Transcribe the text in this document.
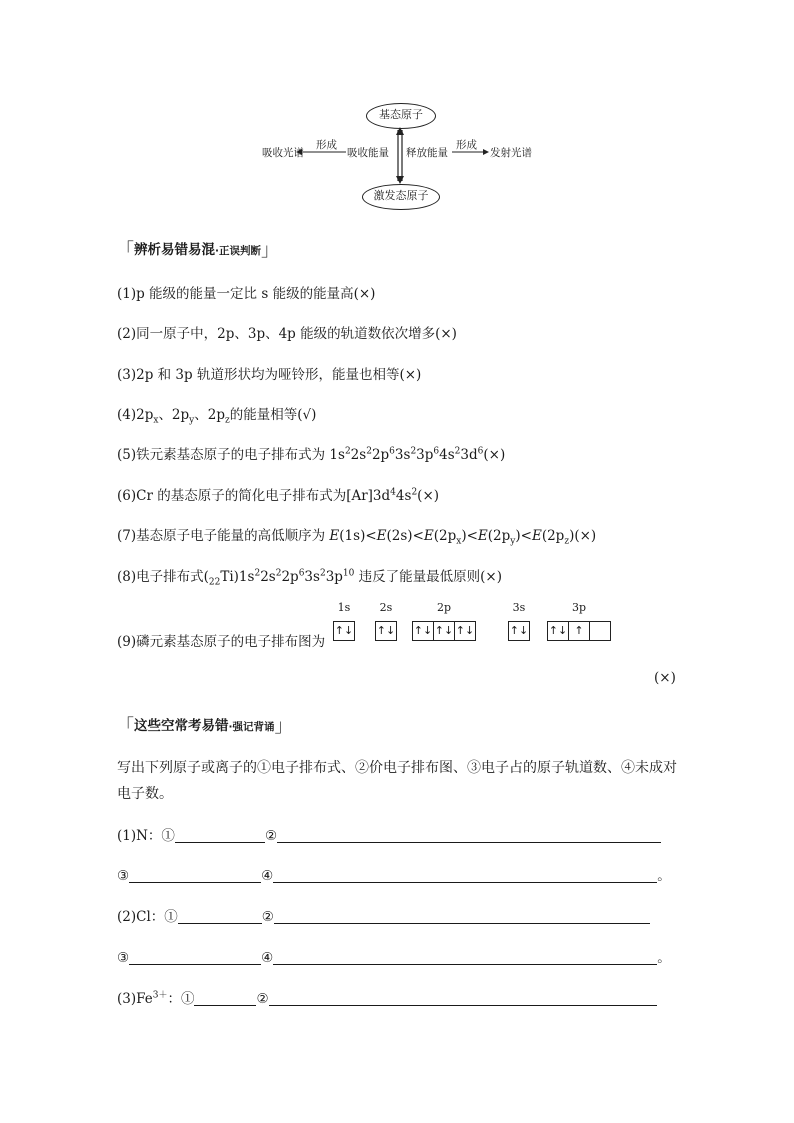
基态原子
激发态原子
吸收光谱
形成
吸收能量 释放能量
形成
发射光谱
「辨析易错易混·正误判断」
(1)p 能级的能量一定比 s 能级的能量高(×)
(2)同一原子中，2p、3p、4p 能级的轨道数依次增多(×)
(3)2p 和 3p 轨道形状均为哑铃形，能量也相等(×)
$(4)2p_x$、$2p_y$、$2p_z$的能量相等(√)
(5)铁元素基态原子的电子排布式为 $1s^22s^22p^63s^23p^64s^23d^6(\times)$
(6)Cr 的基态原子的简化电子排布式为$[Ar]3d^44s^2(\times)$
(7)基态原子电子能量的高低顺序为 $E(1s)<E(2s)<E(2p_x)<E(2p_y)<E(2p_z)(\times)$
(8)电子排布式$(_{22}Ti)1s^22s^22p^63s^23p^{10}$ 违反了能量最低原则(×)
(9)磷元素基态原子的电子排布图为
1s
↑↓
2s
↑↓
2p
↑↓ ↑↓ ↑↓
3s
↑↓
3p
↑↓ ↑
(×)
「这些空常考易错·强记背诵」
写出下列原子或离子的①电子排布式、②价电子排布图、③电子占的原子轨道数、④未成对
电子数。
(1)N：①	②
③	④	。
(2)Cl：①	②
③	④	。
$(3)Fe^{3+}$：①	②
